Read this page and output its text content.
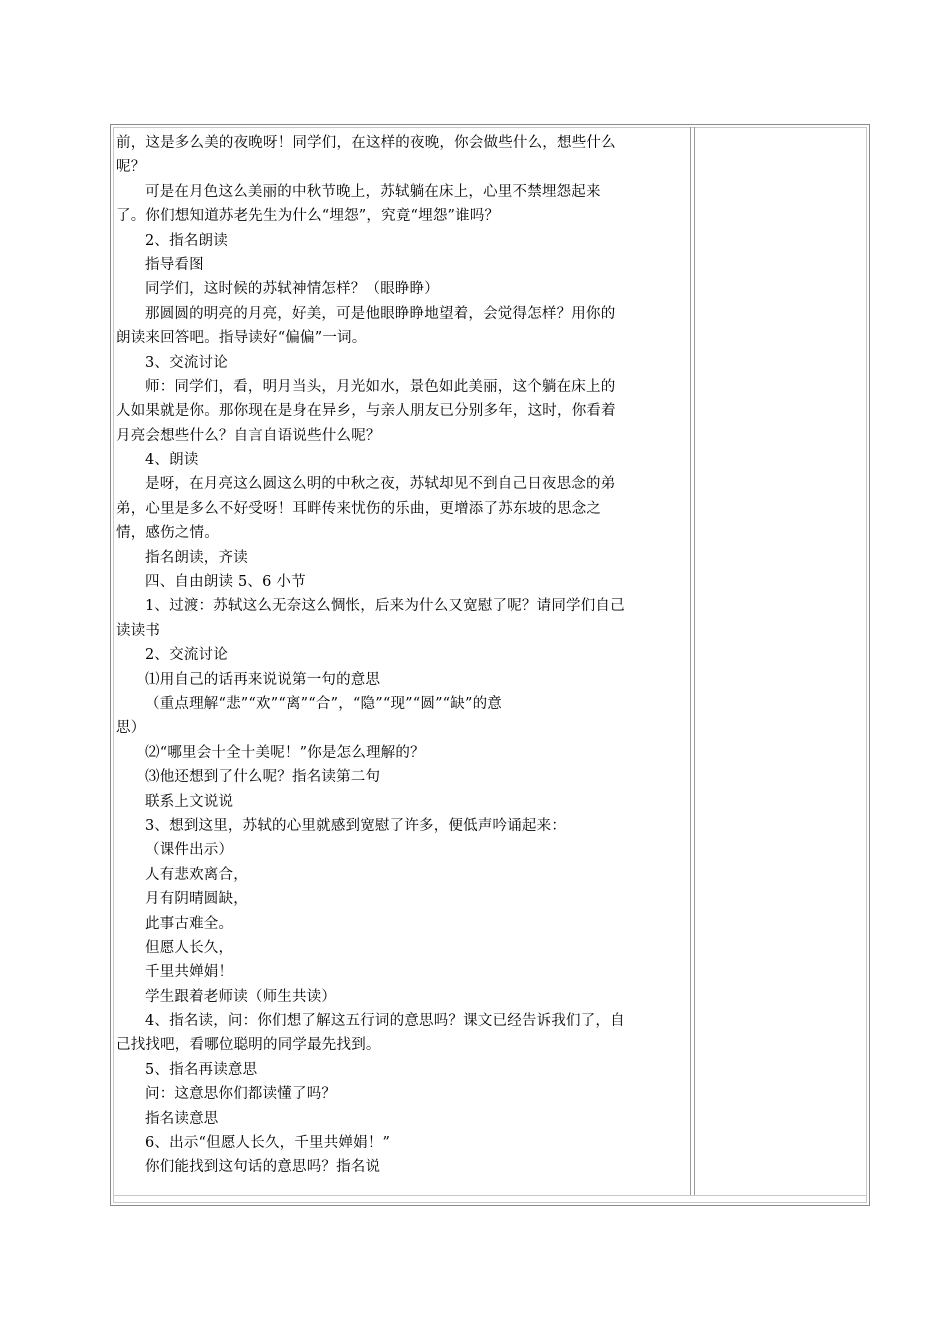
前，这是多么美的夜晚呀！同学们，在这样的夜晚，你会做些什么，想些什么
呢？
可是在月色这么美丽的中秋节晚上，苏轼躺在床上，心里不禁埋怨起来
了。你们想知道苏老先生为什么“埋怨”，究竟“埋怨”谁吗？
2、指名朗读
指导看图
同学们，这时候的苏轼神情怎样？（眼睁睁）
那圆圆的明亮的月亮，好美，可是他眼睁睁地望着，会觉得怎样？用你的
朗读来回答吧。指导读好“偏偏”一词。
3、交流讨论
师：同学们，看，明月当头，月光如水，景色如此美丽，这个躺在床上的
人如果就是你。那你现在是身在异乡，与亲人朋友已分别多年，这时，你看着
月亮会想些什么？自言自语说些什么呢？
4、朗读
是呀，在月亮这么圆这么明的中秋之夜，苏轼却见不到自己日夜思念的弟
弟，心里是多么不好受呀！耳畔传来忧伤的乐曲，更增添了苏东坡的思念之
情，感伤之情。
指名朗读，齐读
四、自由朗读 5、6 小节
1、过渡：苏轼这么无奈这么惆怅，后来为什么又宽慰了呢？请同学们自己
读读书
2、交流讨论
⑴用自己的话再来说说第一句的意思
（重点理解“悲”“欢”“离”“合”，“隐”“现”“圆”“缺”的意
思）
⑵“哪里会十全十美呢！”你是怎么理解的？
⑶他还想到了什么呢？指名读第二句
联系上文说说
3、想到这里，苏轼的心里就感到宽慰了许多，便低声吟诵起来：
（课件出示）
人有悲欢离合，
月有阴晴圆缺，
此事古难全。
但愿人长久，
千里共婵娟！
学生跟着老师读（师生共读）
4、指名读，问：你们想了解这五行词的意思吗？课文已经告诉我们了，自
己找找吧，看哪位聪明的同学最先找到。
5、指名再读意思
问：这意思你们都读懂了吗？
指名读意思
6、出示“但愿人长久，千里共婵娟！”
你们能找到这句话的意思吗？指名说
